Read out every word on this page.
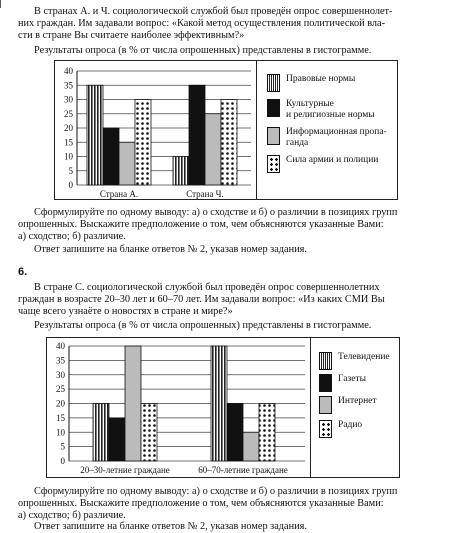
В странах А. и Ч. социологической службой был проведён опрос совершеннолет-

них граждан. Им задавали вопрос: «Какой метод осуществления политической вла-

сти в стране Вы считаете наиболее эффективным?»

Результаты опроса (в % от числа опрошенных) представлены в гистограмме.

0
5
10
15
20
25
30
35
40
Страна А.	Страна Ч.
Правовые нормы
Культурные
и религиозные нормы
Информационная пропа-
ганда
Сила армии и полиции

Сформулируйте по одному выводу: а) о сходстве и б) о различии в позициях групп

опрошенных. Выскажите предположение о том, чем объясняются указанные Вами:

а) сходство; б) различие.

Ответ запишите на бланке ответов № 2, указав номер задания.

6.

В стране С. социологической службой был проведён опрос совершеннолетних

граждан в возрасте 20–30 лет и 60–70 лет. Им задавали вопрос: «Из каких СМИ Вы

чаще всего узнаёте о новостях в стране и мире?»

Результаты опроса (в % от числа опрошенных) представлены в гистограмме.

0
5
10
15
20
25
30
35
40
20–30-летние граждане	60–70-летние граждане
Телевидение
Газеты
Интернет
Радио

Сформулируйте по одному выводу: а) о сходстве и б) о различии в позициях групп

опрошенных. Выскажите предположение о том, чем объясняются указанные Вами:

а) сходство; б) различие.

Ответ запишите на бланке ответов № 2, указав номер задания.
